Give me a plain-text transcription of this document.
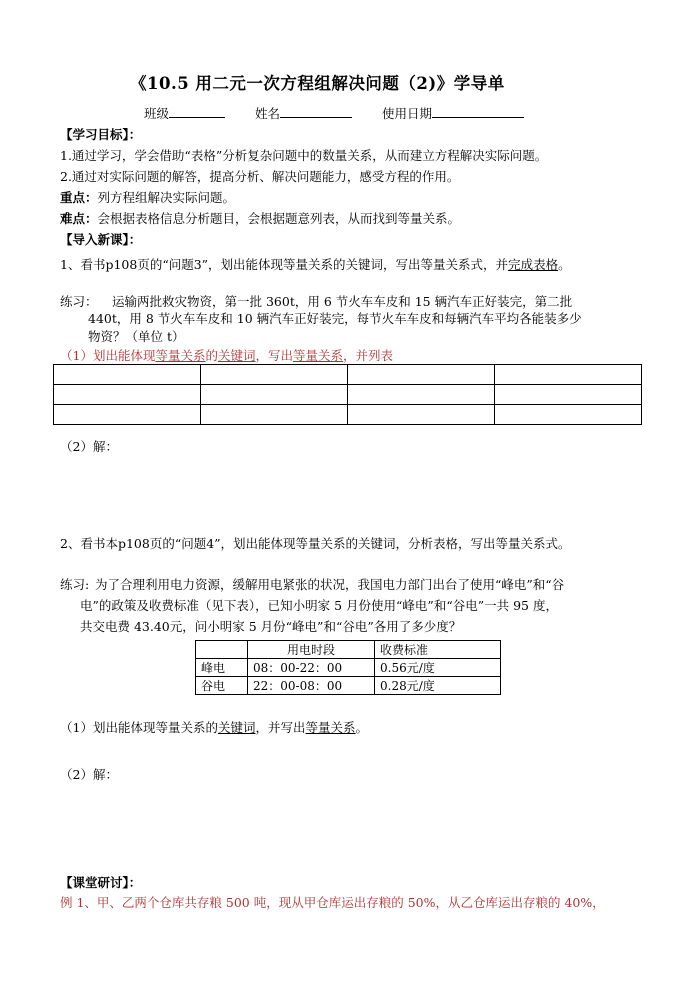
《10.5 用二元一次方程组解决问题（2)》学导单
班级	姓名	使用日期
【学习目标】：
1.通过学习，学会借助“表格”分析复杂问题中的数量关系，从而建立方程解决实际问题。
2.通过对实际问题的解答，提高分析、解决问题能力，感受方程的作用。
重点：列方程组解决实际问题。
难点：会根据表格信息分析题目，会根据题意列表，从而找到等量关系。
【导入新课】：
1、看书p108页的“问题3”，划出能体现等量关系的关键词，写出等量关系式，并完成表格。
练习： 运输两批救灾物资，第一批 360t，用 6 节火车车皮和 15 辆汽车正好装完，第二批
440t，用 8 节火车车皮和 10 辆汽车正好装完，每节火车车皮和每辆汽车平均各能装多少
物资？（单位 t）
（1）划出能体现等量关系的关键词，写出等量关系，并列表

（2）解：
2、看书本p108页的“问题4”，划出能体现等量关系的关键词，分析表格，写出等量关系式。
练习: 为了合理利用电力资源，缓解用电紧张的状况，我国电力部门出台了使用“峰电”和“谷
电”的政策及收费标准（见下表），已知小明家 5 月份使用“峰电”和“谷电”一共 95 度，
共交电费 43.40元，问小明家 5 月份“峰电”和“谷电”各用了多少度？
	用电时段	收费标准
峰电	08：00-22：00	0.56元/度
谷电	22：00-08：00	0.28元/度
（1）划出能体现等量关系的关键词，并写出等量关系。
（2）解：
【课堂研讨】：
例 1、甲、乙两个仓库共存粮 500 吨，现从甲仓库运出存粮的 50%，从乙仓库运出存粮的 40%，
